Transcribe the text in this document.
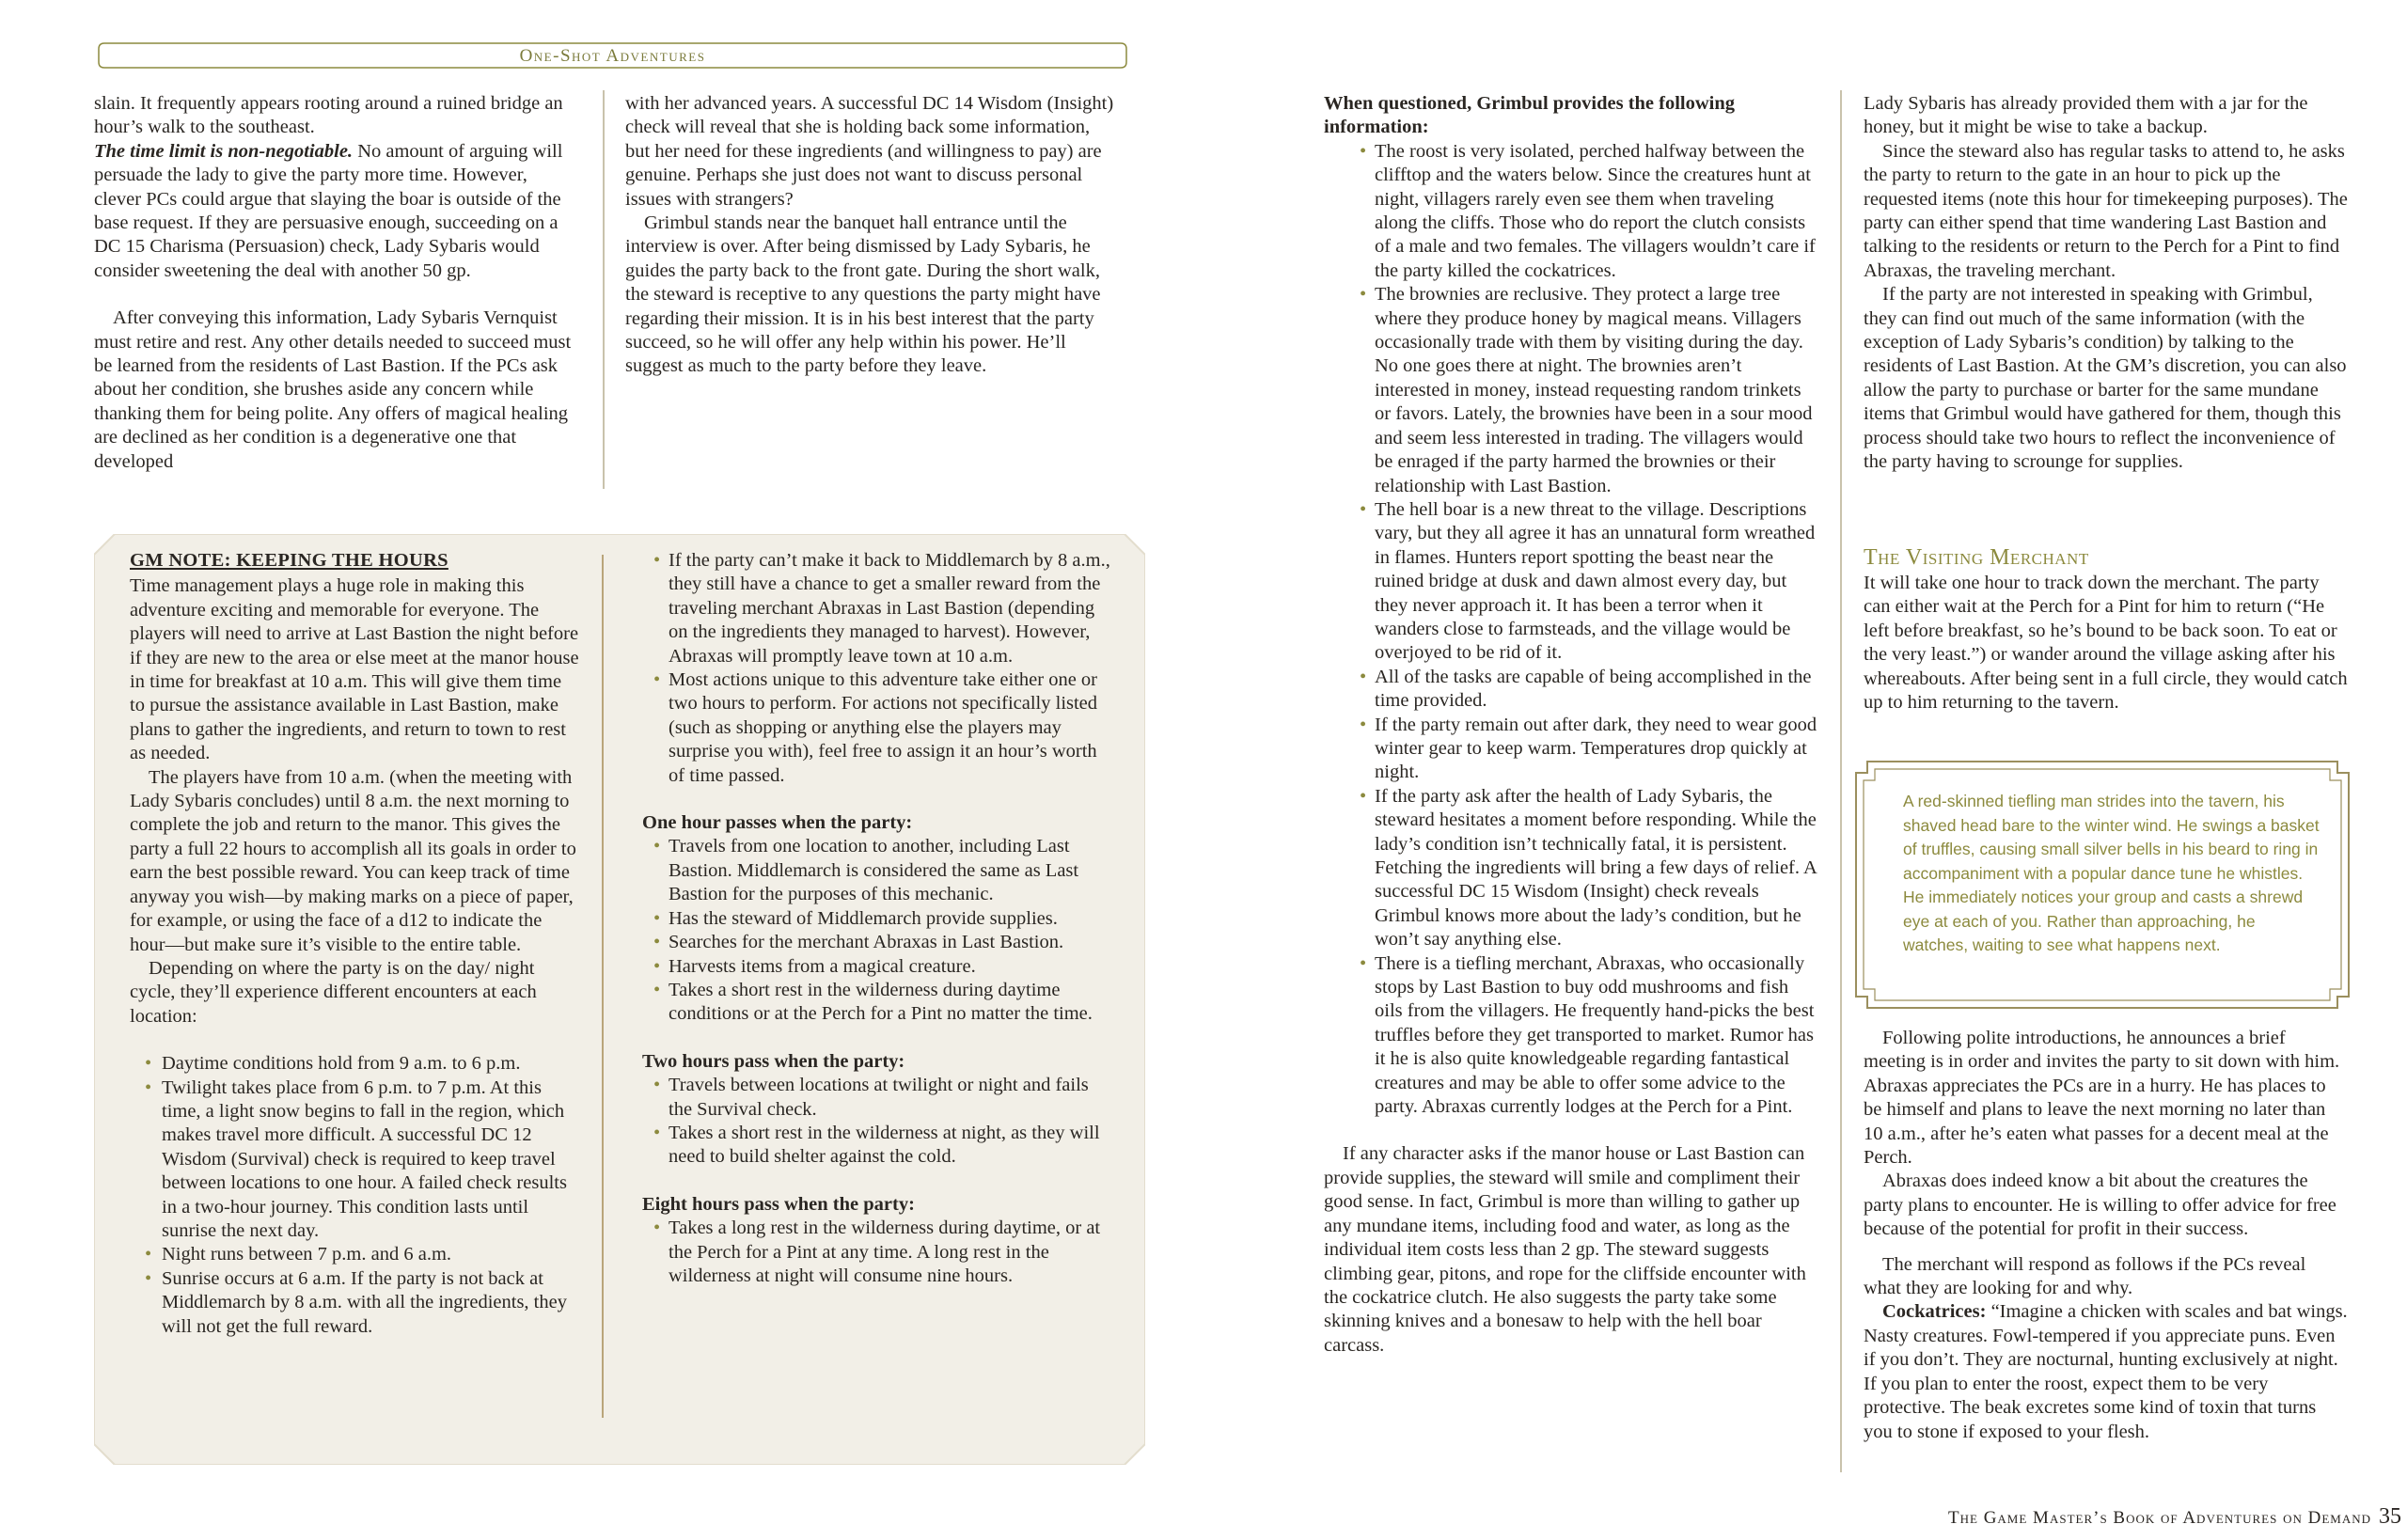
One-Shot Adventures

slain. It frequently appears rooting around a ruined bridge an hour’s walk to the southeast.

The time limit is non-negotiable. No amount of arguing will persuade the lady to give the party more time. However, clever PCs could argue that slaying the boar is outside of the base request. If they are persuasive enough, succeeding on a DC 15 Charisma (Persuasion) check, Lady Sybaris would consider sweetening the deal with another 50 gp.

After conveying this information, Lady Sybaris Vernquist must retire and rest. Any other details needed to succeed must be learned from the residents of Last Bastion. If the PCs ask about her condition, she brushes aside any concern while thanking them for being polite. Any offers of magical healing are declined as her condition is a degenerative one that developed

with her advanced years. A successful DC 14 Wisdom (Insight) check will reveal that she is holding back some information, but her need for these ingredients (and willingness to pay) are genuine. Perhaps she just does not want to discuss personal issues with strangers?

Grimbul stands near the banquet hall entrance until the interview is over. After being dismissed by Lady Sybaris, he guides the party back to the front gate. During the short walk, the steward is receptive to any questions the party might have regarding their mission. It is in his best interest that the party succeed, so he will offer any help within his power. He’ll suggest as much to the party before they leave.

GM NOTE: KEEPING THE HOURS

Time management plays a huge role in making this adventure exciting and memorable for everyone. The players will need to arrive at Last Bastion the night before if they are new to the area or else meet at the manor house in time for breakfast at 10 a.m. This will give them time to pursue the assistance available in Last Bastion, make plans to gather the ingredients, and return to town to rest as needed.

The players have from 10 a.m. (when the meeting with Lady Sybaris concludes) until 8 a.m. the next morning to complete the job and return to the manor. This gives the party a full 22 hours to accomplish all its goals in order to earn the best possible reward. You can keep track of time anyway you wish—by making marks on a piece of paper, for example, or using the face of a d12 to indicate the hour—but make sure it’s visible to the entire table.

Depending on where the party is on the day/ night cycle, they’ll experience different encounters at each location:

• Daytime conditions hold from 9 a.m. to 6 p.m.

• Twilight takes place from 6 p.m. to 7 p.m. At this time, a light snow begins to fall in the region, which makes travel more difficult. A successful DC 12 Wisdom (Survival) check is required to keep travel between locations to one hour. A failed check results in a two-hour journey. This condition lasts until sunrise the next day.

• Night runs between 7 p.m. and 6 a.m.

• Sunrise occurs at 6 a.m. If the party is not back at Middlemarch by 8 a.m. with all the ingredients, they will not get the full reward.

• If the party can’t make it back to Middlemarch by 8 a.m., they still have a chance to get a smaller reward from the traveling merchant Abraxas in Last Bastion (depending on the ingredients they managed to harvest). However, Abraxas will promptly leave town at 10 a.m.

• Most actions unique to this adventure take either one or two hours to perform. For actions not specifically listed (such as shopping or anything else the players may surprise you with), feel free to assign it an hour’s worth of time passed.

One hour passes when the party:

• Travels from one location to another, including Last Bastion. Middlemarch is considered the same as Last Bastion for the purposes of this mechanic.

• Has the steward of Middlemarch provide supplies.

• Searches for the merchant Abraxas in Last Bastion.

• Harvests items from a magical creature.

• Takes a short rest in the wilderness during daytime conditions or at the Perch for a Pint no matter the time.

Two hours pass when the party:

• Travels between locations at twilight or night and fails the Survival check.

• Takes a short rest in the wilderness at night, as they will need to build shelter against the cold.

Eight hours pass when the party:

• Takes a long rest in the wilderness during daytime, or at the Perch for a Pint at any time. A long rest in the wilderness at night will consume nine hours.

When questioned, Grimbul provides the following information:

• The roost is very isolated, perched halfway between the clifftop and the waters below. Since the creatures hunt at night, villagers rarely even see them when traveling along the cliffs. Those who do report the clutch consists of a male and two females. The villagers wouldn’t care if the party killed the cockatrices.

• The brownies are reclusive. They protect a large tree where they produce honey by magical means. Villagers occasionally trade with them by visiting during the day. No one goes there at night. The brownies aren’t interested in money, instead requesting random trinkets or favors. Lately, the brownies have been in a sour mood and seem less interested in trading. The villagers would be enraged if the party harmed the brownies or their relationship with Last Bastion.

• The hell boar is a new threat to the village. Descriptions vary, but they all agree it has an unnatural form wreathed in flames. Hunters report spotting the beast near the ruined bridge at dusk and dawn almost every day, but they never approach it. It has been a terror when it wanders close to farmsteads, and the village would be overjoyed to be rid of it.

• All of the tasks are capable of being accomplished in the time provided.

• If the party remain out after dark, they need to wear good winter gear to keep warm. Temperatures drop quickly at night.

• If the party ask after the health of Lady Sybaris, the steward hesitates a moment before responding. While the lady’s condition isn’t technically fatal, it is persistent. Fetching the ingredients will bring a few days of relief. A successful DC 15 Wisdom (Insight) check reveals Grimbul knows more about the lady’s condition, but he won’t say anything else.

• There is a tiefling merchant, Abraxas, who occasionally stops by Last Bastion to buy odd mushrooms and fish oils from the villagers. He frequently hand-picks the best truffles before they get transported to market. Rumor has it he is also quite knowledgeable regarding fantastical creatures and may be able to offer some advice to the party. Abraxas currently lodges at the Perch for a Pint.

If any character asks if the manor house or Last Bastion can provide supplies, the steward will smile and compliment their good sense. In fact, Grimbul is more than willing to gather up any mundane items, including food and water, as long as the individual item costs less than 2 gp. The steward suggests climbing gear, pitons, and rope for the cliffside encounter with the cockatrice clutch. He also suggests the party take some skinning knives and a bonesaw to help with the hell boar carcass.

Lady Sybaris has already provided them with a jar for the honey, but it might be wise to take a backup.

Since the steward also has regular tasks to attend to, he asks the party to return to the gate in an hour to pick up the requested items (note this hour for timekeeping purposes). The party can either spend that time wandering Last Bastion and talking to the residents or return to the Perch for a Pint to find Abraxas, the traveling merchant.

If the party are not interested in speaking with Grimbul, they can find out much of the same information (with the exception of Lady Sybaris’s condition) by talking to the residents of Last Bastion. At the GM’s discretion, you can also allow the party to purchase or barter for the same mundane items that Grimbul would have gathered for them, though this process should take two hours to reflect the inconvenience of the party having to scrounge for supplies.

The Visiting Merchant

It will take one hour to track down the merchant. The party can either wait at the Perch for a Pint for him to return (“He left before breakfast, so he’s bound to be back soon. To eat or the very least.”) or wander around the village asking after his whereabouts. After being sent in a full circle, they would catch up to him returning to the tavern.

A red-skinned tiefling man strides into the tavern, his shaved head bare to the winter wind. He swings a basket of truffles, causing small silver bells in his beard to ring in accompaniment with a popular dance tune he whistles. He immediately notices your group and casts a shrewd eye at each of you. Rather than approaching, he watches, waiting to see what happens next.

Following polite introductions, he announces a brief meeting is in order and invites the party to sit down with him. Abraxas appreciates the PCs are in a hurry. He has places to be himself and plans to leave the next morning no later than 10 a.m., after he’s eaten what passes for a decent meal at the Perch.

Abraxas does indeed know a bit about the creatures the party plans to encounter. He is willing to offer advice for free because of the potential for profit in their success.

The merchant will respond as follows if the PCs reveal what they are looking for and why.

Cockatrices: “Imagine a chicken with scales and bat wings. Nasty creatures. Fowl-tempered if you appreciate puns. Even if you don’t. They are nocturnal, hunting exclusively at night. If you plan to enter the roost, expect them to be very protective. The beak excretes some kind of toxin that turns you to stone if exposed to your flesh.

The Game Master’s Book of Adventures on Demand 35
